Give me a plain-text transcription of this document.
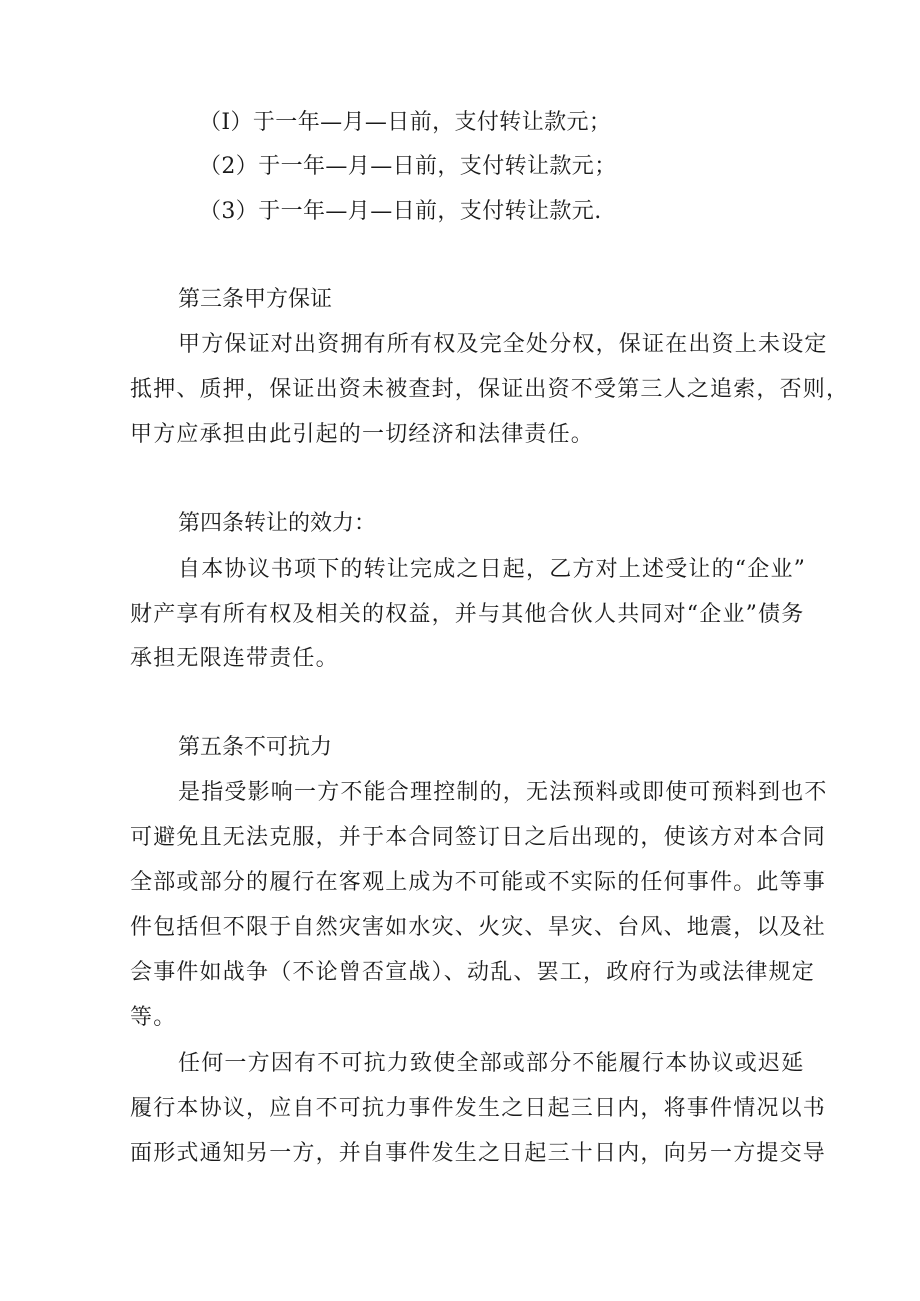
（I）于一年—月—日前，支付转让款元；
（2）于一年—月—日前，支付转让款元；
（3）于一年—月—日前，支付转让款元.
第三条甲方保证
甲方保证对出资拥有所有权及完全处分权，保证在出资上未设定
抵押、质押，保证出资未被查封，保证出资不受第三人之追索，否则，
甲方应承担由此引起的一切经济和法律责任。
第四条转让的效力：
自本协议书项下的转让完成之日起，乙方对上述受让的“企业”
财产享有所有权及相关的权益，并与其他合伙人共同对“企业”债务
承担无限连带责任。
第五条不可抗力
是指受影响一方不能合理控制的，无法预料或即使可预料到也不
可避免且无法克服，并于本合同签订日之后出现的，使该方对本合同
全部或部分的履行在客观上成为不可能或不实际的任何事件。此等事
件包括但不限于自然灾害如水灾、火灾、旱灾、台风、地震，以及社
会事件如战争（不论曾否宣战）、动乱、罢工，政府行为或法律规定
等。
任何一方因有不可抗力致使全部或部分不能履行本协议或迟延
履行本协议，应自不可抗力事件发生之日起三日内，将事件情况以书
面形式通知另一方，并自事件发生之日起三十日内，向另一方提交导
